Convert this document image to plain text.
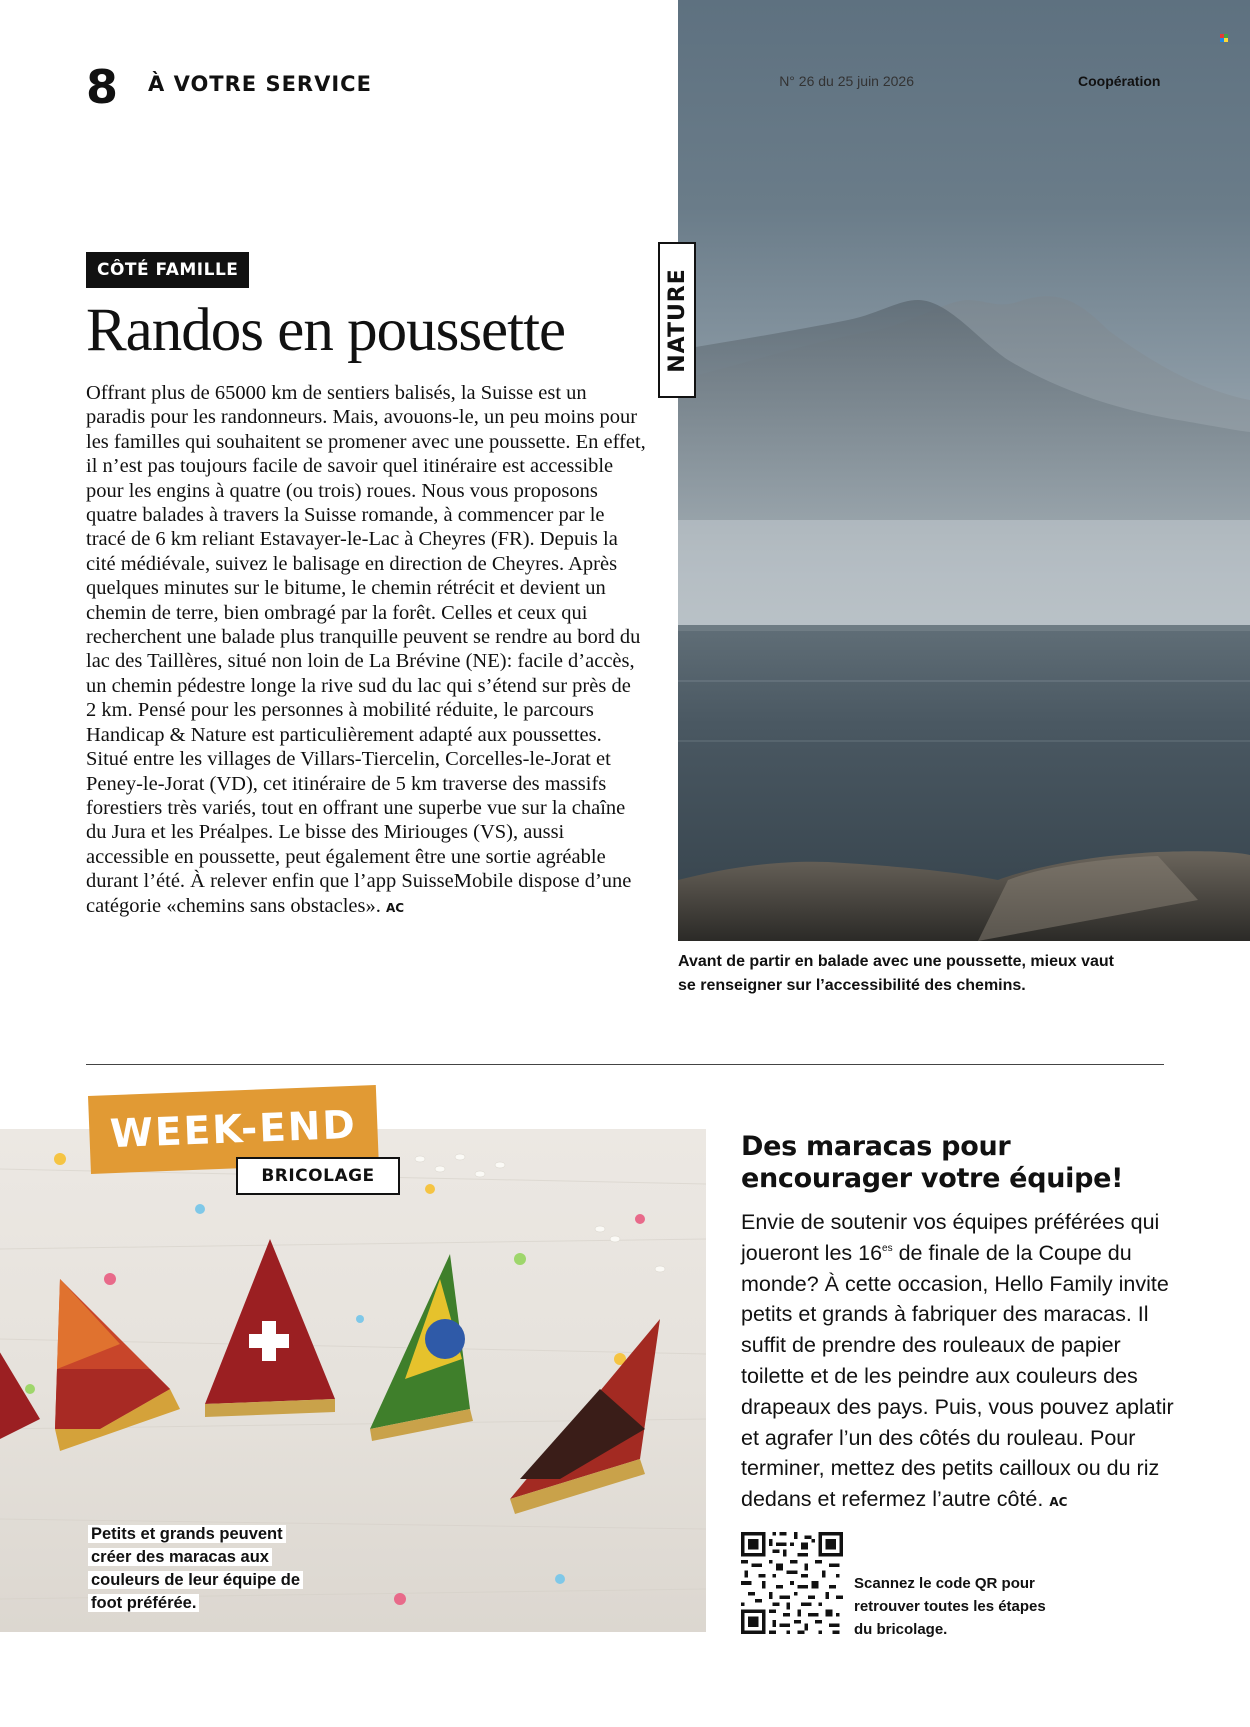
8 À VOTRE SERVICE	N° 26 du 25 juin 2026	Coopération
NATURE
Avant de partir en balade avec une poussette, mieux vaut se renseigner sur l’accessibilité des chemins.
CÔTÉ FAMILLE
Randos en poussette
Offrant plus de 65000 km de sentiers balisés, la Suisse est un paradis pour les randonneurs. Mais, avouons-le, un peu moins pour les familles qui souhaitent se promener avec une poussette. En effet, il n’est pas toujours facile de savoir quel itinéraire est accessible pour les engins à quatre (ou trois) roues. Nous vous proposons quatre balades à travers la Suisse romande, à commencer par le tracé de 6 km reliant Estavayer-le-Lac à Cheyres (FR). Depuis la cité médiévale, suivez le balisage en direction de Cheyres. Après quelques minutes sur le bitume, le chemin rétrécit et devient un chemin de terre, bien ombragé par la forêt. Celles et ceux qui recherchent une balade plus tranquille peuvent se rendre au bord du lac des Taillères, situé non loin de La Brévine (NE): facile d’accès, un chemin pédestre longe la rive sud du lac qui s’étend sur près de 2 km. Pensé pour les personnes à mobilité réduite, le parcours Handicap & Nature est particulièrement adapté aux poussettes. Situé entre les villages de Villars-Tiercelin, Corcelles-le-Jorat et Peney-le-Jorat (VD), cet itinéraire de 5 km traverse des massifs forestiers très variés, tout en offrant une superbe vue sur la chaîne du Jura et les Préalpes. Le bisse des Miriouges (VS), aussi accessible en poussette, peut également être une sortie agréable durant l’été. À relever enfin que l’app SuisseMobile dispose d’une catégorie «chemins sans obstacles». AC
WEEK-END
BRICOLAGE
Petits et grands peuvent créer des maracas aux couleurs de leur équipe de foot préférée.
Des maracas pour encourager votre équipe!
Envie de soutenir vos équipes préférées qui joueront les $16^{es}$ de finale de la Coupe du monde? À cette occasion, Hello Family invite petits et grands à fabriquer des maracas. Il suffit de prendre des rouleaux de papier toilette et de les peindre aux couleurs des drapeaux des pays. Puis, vous pouvez aplatir et agrafer l’un des côtés du rouleau. Pour terminer, mettez des petits cailloux ou du riz dedans et refermez l’autre côté. AC
Scannez le code QR pour retrouver toutes les étapes du bricolage.
